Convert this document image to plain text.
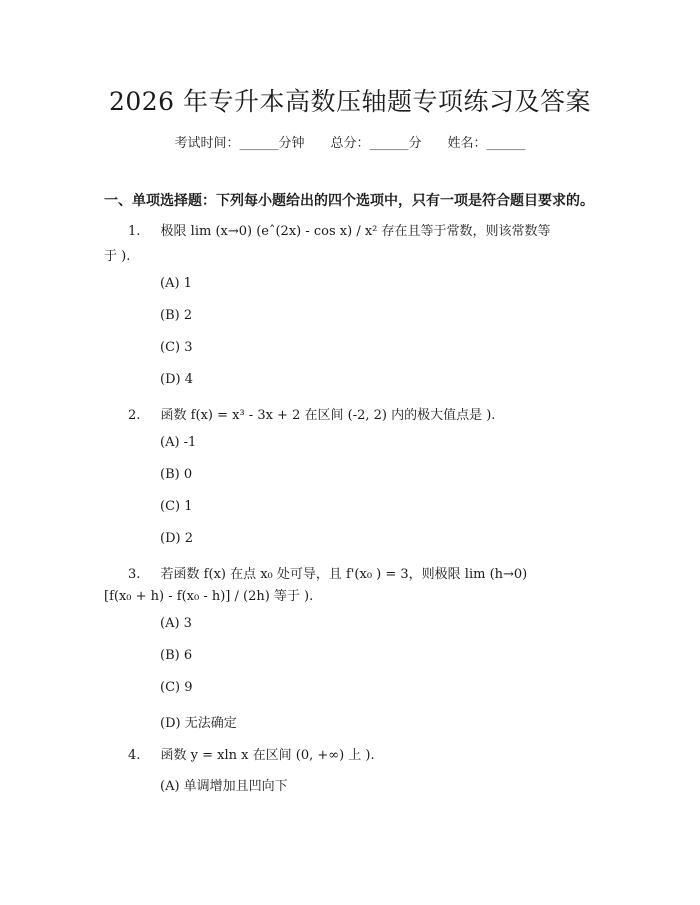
2026 年专升本高数压轴题专项练习及答案
考试时间：______分钟 总分：______分 姓名：______
一、单项选择题：下列每小题给出的四个选项中，只有一项是符合题目要求的。
1. 极限 lim (x→0) (eˆ(2x) - cos x) / x² 存在且等于常数，则该常数等
于 ).
(A) 1
(B) 2
(C) 3
(D) 4
2. 函数 f(x) = x³ - 3x + 2 在区间 (-2, 2) 内的极大值点是 ).
(A) -1
(B) 0
(C) 1
(D) 2
3. 若函数 f(x) 在点 x₀ 处可导，且 f'(x₀ ) = 3，则极限 lim (h→0)
[f(x₀ + h) - f(x₀ - h)] / (2h) 等于 ).
(A) 3
(B) 6
(C) 9
(D) 无法确定
4. 函数 y = xln x 在区间 (0, +∞) 上 ).
(A) 单调增加且凹向下
